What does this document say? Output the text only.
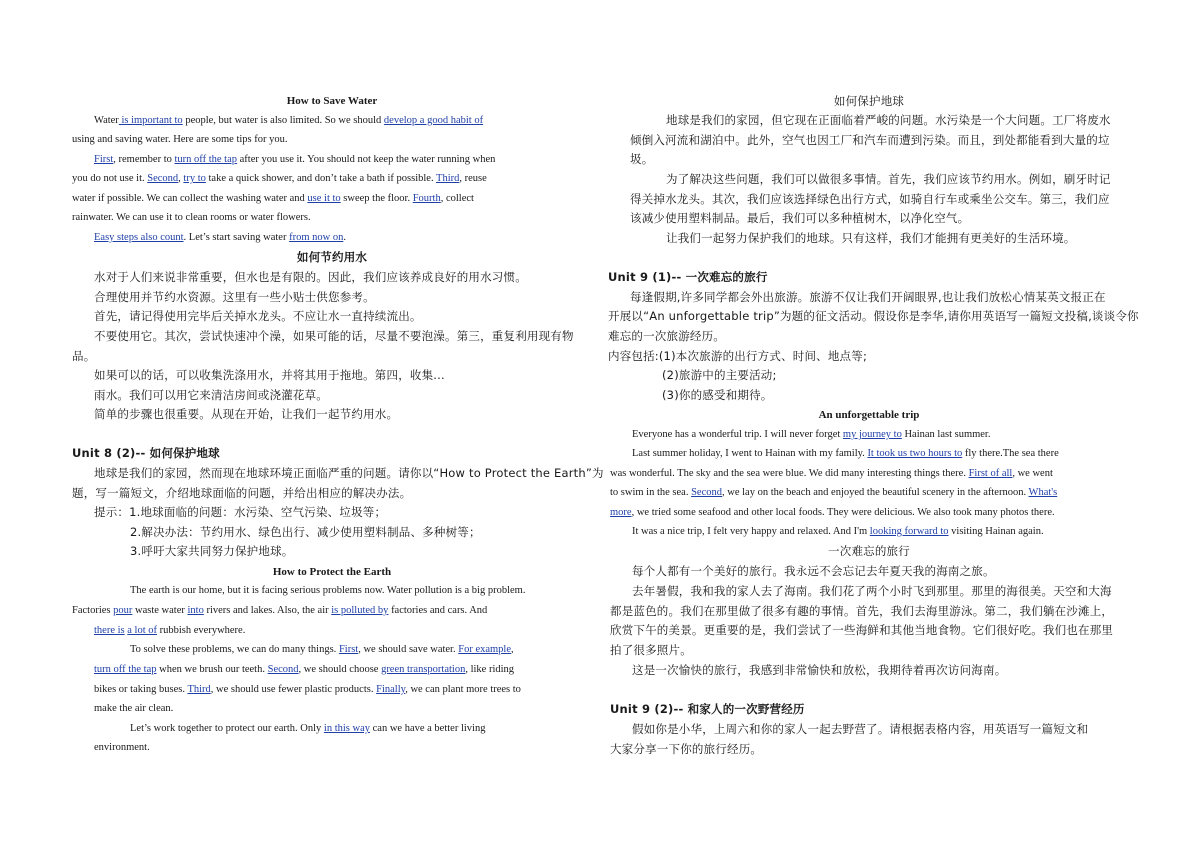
How to Save Water
Water is important to people, but water is also limited. So we should develop a good habit of
using and saving water. Here are some tips for you.
First, remember to turn off the tap after you use it. You should not keep the water running when
you do not use it. Second, try to take a quick shower, and don’t take a bath if possible. Third, reuse
water if possible. We can collect the washing water and use it to sweep the floor. Fourth, collect
rainwater. We can use it to clean rooms or water flowers.
Easy steps also count. Let’s start saving water from now on.
如何节约用水
水对于人们来说非常重要，但水也是有限的。因此，我们应该养成良好的用水习惯。
合理使用并节约水资源。这里有一些小贴士供您参考。
首先，请记得使用完毕后关掉水龙头。不应让水一直持续流出。
不要使用它。其次，尝试快速冲个澡，如果可能的话，尽量不要泡澡。第三，重复利用现有物
品。
如果可以的话，可以收集洗涤用水，并将其用于拖地。第四，收集...
雨水。我们可以用它来清洁房间或浇灌花草。
简单的步骤也很重要。从现在开始，让我们一起节约用水。
Unit 8 (2)-- 如何保护地球
地球是我们的家园，然而现在地球环境正面临严重的问题。请你以“How to Protect the Earth”为
题，写一篇短文，介绍地球面临的问题，并给出相应的解决办法。
提示：1.地球面临的问题：水污染、空气污染、垃圾等；
2.解决办法：节约用水、绿色出行、减少使用塑料制品、多种树等；
3.呼吁大家共同努力保护地球。
How to Protect the Earth
The earth is our home, but it is facing serious problems now. Water pollution is a big problem.
Factories pour waste water into rivers and lakes. Also, the air is polluted by factories and cars. And
there is a lot of rubbish everywhere.
To solve these problems, we can do many things. First, we should save water. For example,
turn off the tap when we brush our teeth. Second, we should choose green transportation, like riding
bikes or taking buses. Third, we should use fewer plastic products. Finally, we can plant more trees to
make the air clean.
Let’s work together to protect our earth. Only in this way can we have a better living
environment.
如何保护地球
地球是我们的家园，但它现在正面临着严峻的问题。水污染是一个大问题。工厂将废水
倾倒入河流和湖泊中。此外，空气也因工厂和汽车而遭到污染。而且，到处都能看到大量的垃
圾。
为了解决这些问题，我们可以做很多事情。首先，我们应该节约用水。例如，刷牙时记
得关掉水龙头。其次，我们应该选择绿色出行方式，如骑自行车或乘坐公交车。第三，我们应
该减少使用塑料制品。最后，我们可以多种植树木，以净化空气。
让我们一起努力保护我们的地球。只有这样，我们才能拥有更美好的生活环境。
Unit 9 (1)-- 一次难忘的旅行
每逢假期,许多同学都会外出旅游。旅游不仅让我们开阔眼界,也让我们放松心情某英文报正在
开展以“An unforgettable trip”为题的征文活动。假设你是李华,请你用英语写一篇短文投稿,谈谈令你
难忘的一次旅游经历。
内容包括:(1)本次旅游的出行方式、时间、地点等;
(2)旅游中的主要活动;
(3)你的感受和期待。
An unforgettable trip
Everyone has a wonderful trip. I will never forget my journey to Hainan last summer.
Last summer holiday, I went to Hainan with my family. It took us two hours to fly there.The sea there
was wonderful. The sky and the sea were blue. We did many interesting things there. First of all, we went
to swim in the sea. Second, we lay on the beach and enjoyed the beautiful scenery in the afternoon. What's
more, we tried some seafood and other local foods. They were delicious. We also took many photos there.
It was a nice trip, I felt very happy and relaxed. And I'm looking forward to visiting Hainan again.
一次难忘的旅行
每个人都有一个美好的旅行。我永远不会忘记去年夏天我的海南之旅。
去年暑假，我和我的家人去了海南。我们花了两个小时飞到那里。那里的海很美。天空和大海
都是蓝色的。我们在那里做了很多有趣的事情。首先，我们去海里游泳。第二，我们躺在沙滩上，
欣赏下午的美景。更重要的是，我们尝试了一些海鲜和其他当地食物。它们很好吃。我们也在那里
拍了很多照片。
这是一次愉快的旅行，我感到非常愉快和放松，我期待着再次访问海南。
Unit 9 (2)-- 和家人的一次野营经历
假如你是小华，上周六和你的家人一起去野营了。请根据表格内容，用英语写一篇短文和
大家分享一下你的旅行经历。
